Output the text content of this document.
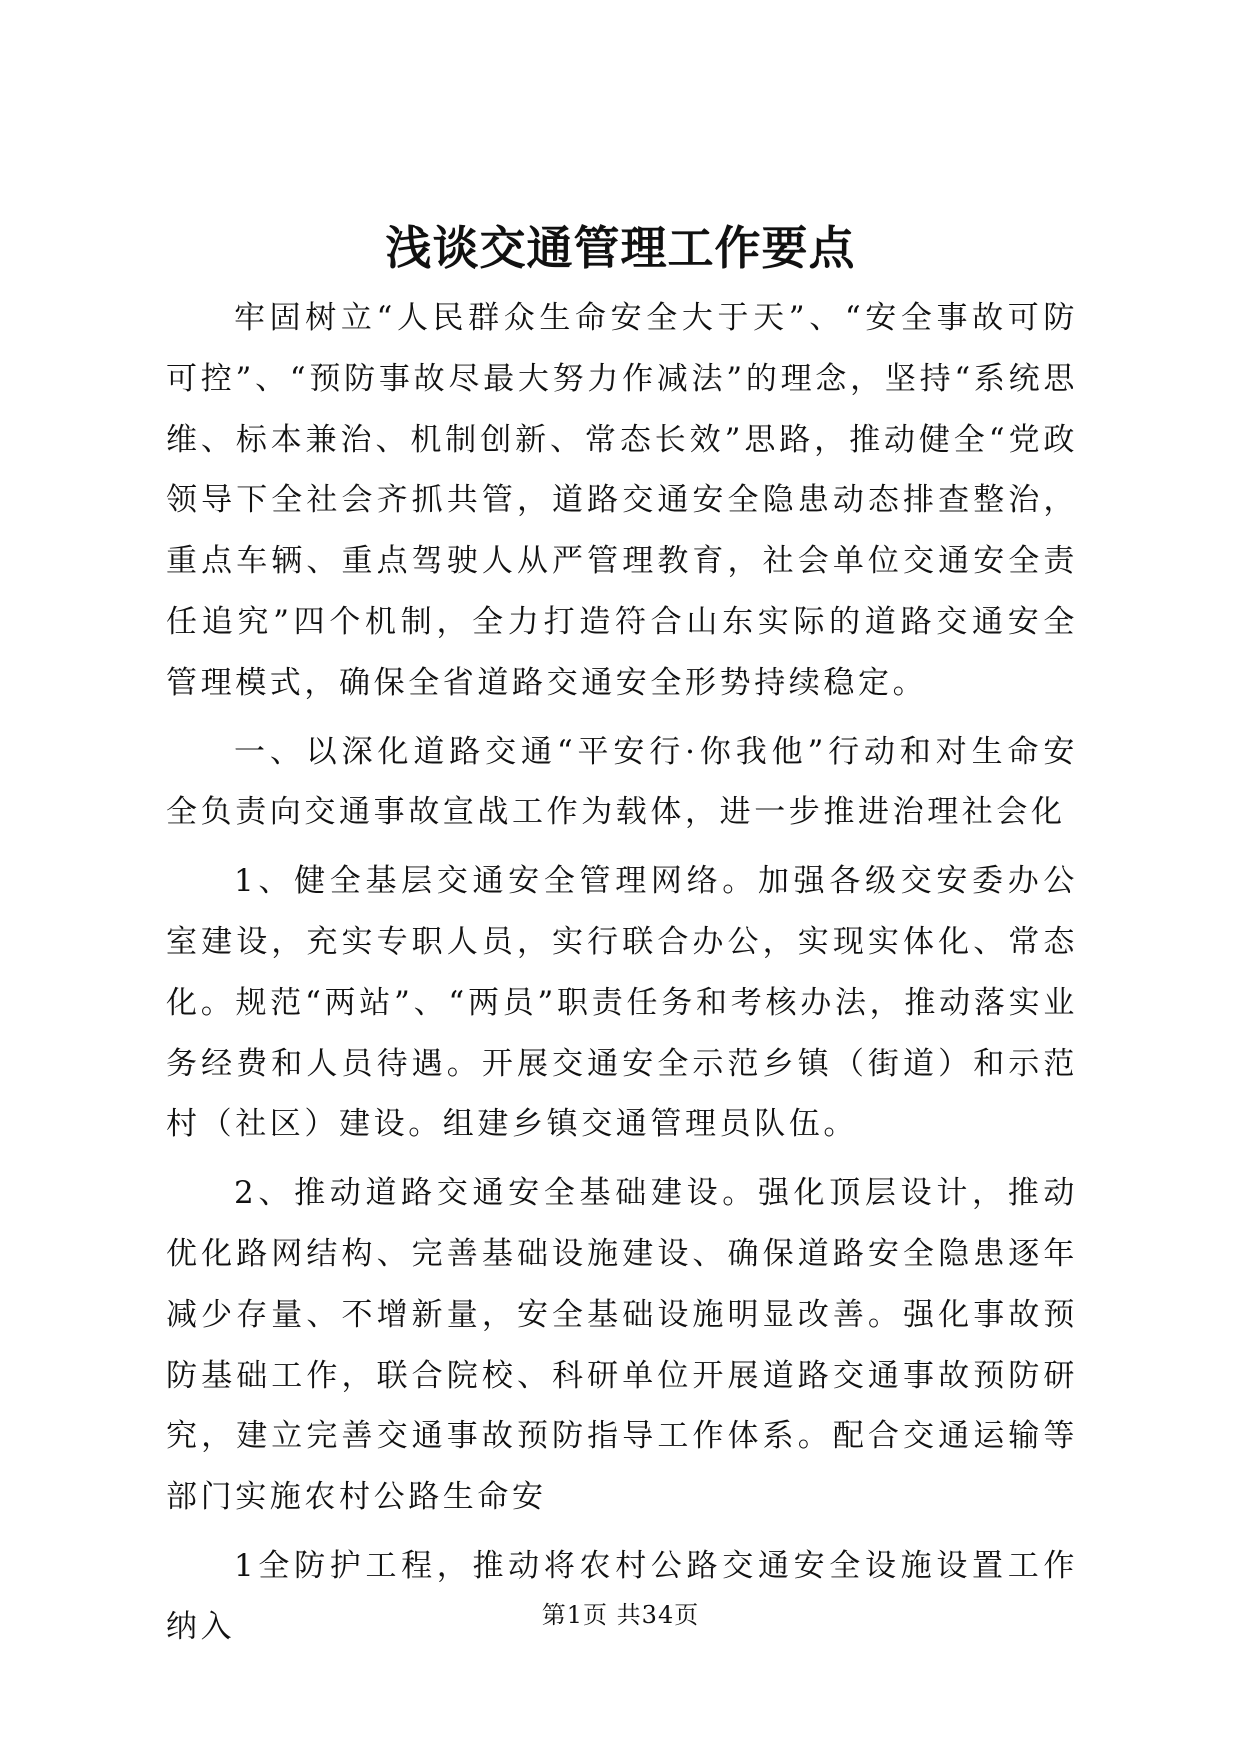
浅谈交通管理工作要点

牢固树立“人民群众生命安全大于天”、“安全事故可防可控”、“预防事故尽最大努力作减法”的理念，坚持“系统思维、标本兼治、机制创新、常态长效”思路，推动健全“党政领导下全社会齐抓共管，道路交通安全隐患动态排查整治，重点车辆、重点驾驶人从严管理教育，社会单位交通安全责任追究”四个机制，全力打造符合山东实际的道路交通安全管理模式，确保全省道路交通安全形势持续稳定。

一、以深化道路交通“平安行·你我他”行动和对生命安全负责向交通事故宣战工作为载体，进一步推进治理社会化

1、健全基层交通安全管理网络。加强各级交安委办公室建设，充实专职人员，实行联合办公，实现实体化、常态化。规范“两站”、“两员”职责任务和考核办法，推动落实业务经费和人员待遇。开展交通安全示范乡镇（街道）和示范村（社区）建设。组建乡镇交通管理员队伍。

2、推动道路交通安全基础建设。强化顶层设计，推动优化路网结构、完善基础设施建设、确保道路安全隐患逐年减少存量、不增新量，安全基础设施明显改善。强化事故预防基础工作，联合院校、科研单位开展道路交通事故预防研究，建立完善交通事故预防指导工作体系。配合交通运输等部门实施农村公路生命安

1全防护工程，推动将农村公路交通安全设施设置工作纳入	第1页 共34页
